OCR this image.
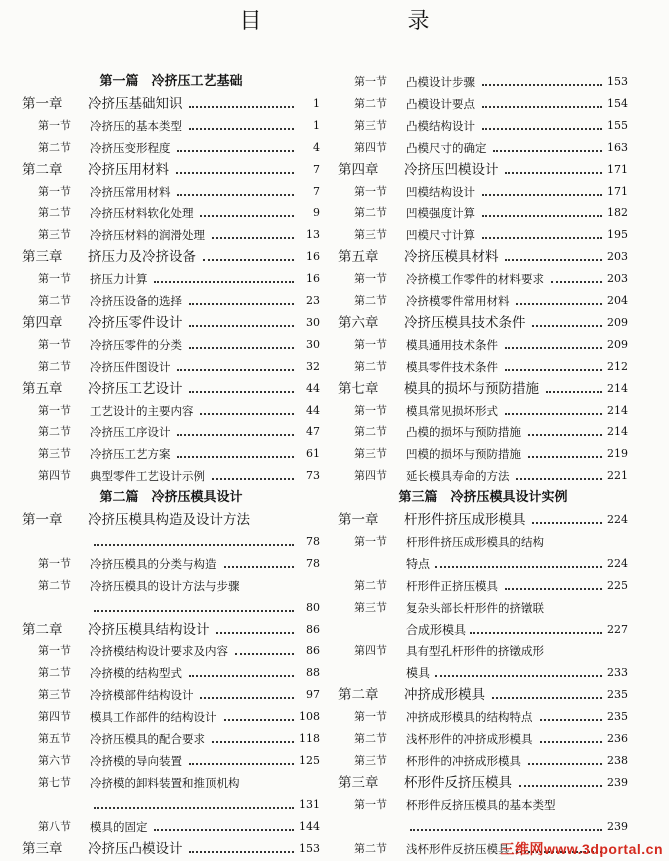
目　录
第一篇　冷挤压工艺基础
第一章 冷挤压基础知识	1
第一节 冷挤压的基本类型	1
第二节 冷挤压变形程度	4
第二章 冷挤压用材料	7
第一节 冷挤压常用材料	7
第二节 冷挤压材料软化处理	9
第三节 冷挤压材料的润滑处理	13
第三章 挤压力及冷挤设备	16
第一节 挤压力计算	16
第二节 冷挤压设备的选择	23
第四章 冷挤压零件设计	30
第一节 冷挤压零件的分类	30
第二节 冷挤压件图设计	32
第五章 冷挤压工艺设计	44
第一节 工艺设计的主要内容	44
第二节 冷挤压工序设计	47
第三节 冷挤压工艺方案	61
第四节 典型零件工艺设计示例	73
第二篇　冷挤压模具设计
第一章 冷挤压模具构造及设计方法
78
第一节 冷挤压模具的分类与构造	78
第二节 冷挤压模具的设计方法与步骤
80
第二章 冷挤压模具结构设计	86
第一节 冷挤模结构设计要求及内容	86
第二节 冷挤模的结构型式	88
第三节 冷挤模部件结构设计	97
第四节 模具工作部件的结构设计	108
第五节 冷挤压模具的配合要求	118
第六节 冷挤模的导向装置	125
第七节 冷挤模的卸料装置和推顶机构
131
第八节 模具的固定	144
第三章 冷挤压凸模设计	153
第一节 凸模设计步骤	153
第二节 凸模设计要点	154
第三节 凸模结构设计	155
第四节 凸模尺寸的确定	163
第四章 冷挤压凹模设计	171
第一节 凹模结构设计	171
第二节 凹模强度计算	182
第三节 凹模尺寸计算	195
第五章 冷挤压模具材料	203
第一节 冷挤模工作零件的材料要求	203
第二节 冷挤模零件常用材料	204
第六章 冷挤压模具技术条件	209
第一节 模具通用技术条件	209
第二节 模具零件技术条件	212
第七章 模具的损坏与预防措施	214
第一节 模具常见损坏形式	214
第二节 凸模的损坏与预防措施	214
第三节 凹模的损坏与预防措施	219
第四节 延长模具寿命的方法	221
第三篇　冷挤压模具设计实例
第一章 杆形件挤压成形模具	224
第一节 杆形件挤压成形模具的结构
特点	224
第二节 杆形件正挤压模具	225
第三节 复杂头部长杆形件的挤镦联
合成形模具	227
第四节 具有型孔杆形件的挤镦成形
模具	233
第二章 冲挤成形模具	235
第一节 冲挤成形模具的结构特点	235
第二节 浅杯形件的冲挤成形模具	236
第三节 杯形件的冲挤成形模具	238
第三章 杯形件反挤压模具	239
第一节 杯形件反挤压模具的基本类型
239
第二节 浅杯形件反挤压模具
三维网www.3dportal.cn
